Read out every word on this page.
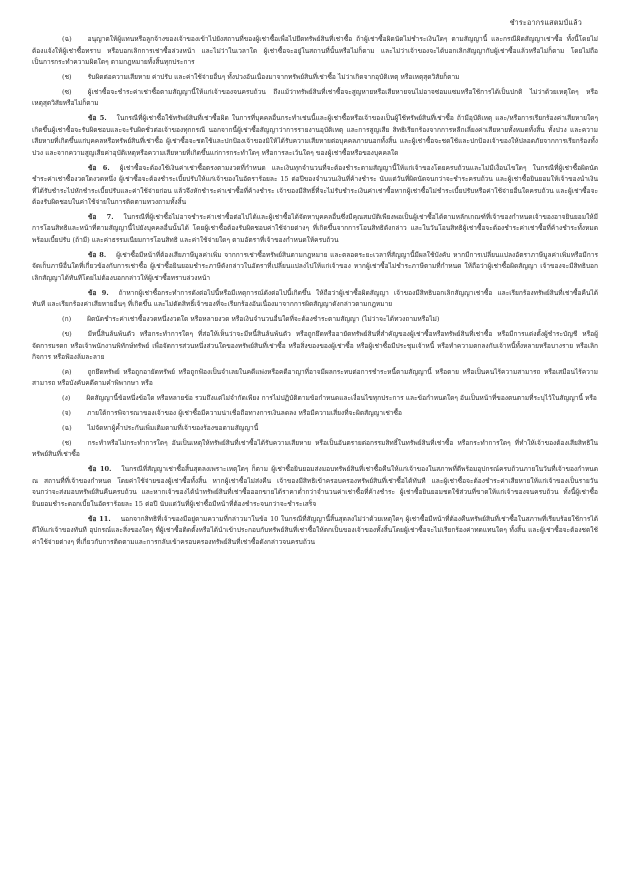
ชำระอากรแสตมป์แล้ว

(ฉ) อนุญาตให้ผู้แทนหรือลูกจ้างของเจ้าของเข้าไปยังสถานที่ของผู้เช่าซื้อเพื่อไปยึดทรัพย์สินที่เช่าซื้อ ถ้าผู้เช่าซื้อผิดนัดไม่ชำระเงินใดๆ ตามสัญญานี้ และกรณีผิดสัญญาเช่าซื้อ ทั้งนี้โดยไม่ต้องแจ้งให้ผู้เช่าซื้อทราบ หรือบอกเลิกการเช่าซื้อล่วงหน้า และไม่ว่าในเวลาใด ผู้เช่าซื้อจะอยู่ในสถานที่นั้นหรือไม่ก็ตาม และไม่ว่าเจ้าของจะได้บอกเลิกสัญญากับผู้เช่าซื้อแล้วหรือไม่ก็ตาม โดยไม่ถือเป็นการกระทำความผิดใดๆ ตามกฎหมายทั้งสิ้นทุกประการ

(ช) รับผิดต่อความเสียหาย ค่าปรับ และค่าใช้จ่ายอื่นๆ ทั้งปวงอันเนื่องมาจากทรัพย์สินที่เช่าซื้อ ไม่ว่าเกิดจากอุบัติเหตุ หรือเหตุสุดวิสัยก็ตาม

(ซ) ผู้เช่าซื้อจะชำระค่าเช่าซื้อตามสัญญานี้ให้แก่เจ้าของจนครบถ้วน ถึงแม้ว่าทรัพย์สินที่เช่าซื้อจะสูญหายหรือเสียหายจนไม่อาจซ่อมแซมหรือใช้การได้เป็นปกติ ไม่ว่าด้วยเหตุใดๆ หรือเหตุสุดวิสัยหรือไม่ก็ตาม

ข้อ 5. ในกรณีที่ผู้เช่าซื้อใช้ทรัพย์สินที่เช่าซื้อผิด ในการที่บุคคลอื่นกระทำเช่นนี้และผู้เช่าซื้อหรือเจ้าของเป็นผู้ใช้ทรัพย์สินที่เช่าซื้อ ถ้ามีอุบัติเหตุ และ/หรือการเรียกร้องค่าเสียหายใดๆ เกิดขึ้นผู้เช่าซื้อจะรับผิดชอบและจะรับผิดชั่วต่อเจ้าของทุกกรณี นอกจากนี้ผู้เช่าซื้อสัญญาว่าการรายงานอุบัติเหตุ และการสูญเสีย สิทธิเรียกร้องจากการหลีกเลี่ยงค่าเสียหายทั้งหมดทั้งสิ้น ทั้งปวง และความเสียหายที่เกิดขึ้นแก่บุคคลหรือทรัพย์สินที่เช่าซื้อ ผู้เช่าซื้อจะชดใช้และปกป้องเจ้าของมิให้ได้รับความเสียหายต่อบุคคลภายนอกทั้งสิ้น และผู้เช่าซื้อจะชดใช้และปกป้องเจ้าของให้ปลอดภัยจากการเรียกร้องทั้งปวง และจากความสูญเสียค่าอุบัติเหตุหรือความเสียหายที่เกิดขึ้นแก่การกระทำใดๆ หรือการละเว้นใดๆ ของผู้เช่าซื้อหรือของบุคคลใด

ข้อ 6. ผู้เช่าซื้อจะต้องใช้เงินค่าเช่าซื้อตรงตามงวดที่กำหนด และเงินทุกจำนวนที่จะต้องชำระตามสัญญานี้ให้แก่เจ้าของโดยครบถ้วนและไม่มีเงื่อนไขใดๆ ในกรณีที่ผู้เช่าซื้อผิดนัดชำระค่าเช่าซื้องวดใดงวดหนึ่ง ผู้เช่าซื้อจะต้องชำระเบี้ยปรับให้แก่เจ้าของในอัตราร้อยละ 15 ต่อปีของจำนวนเงินที่ค้างชำระ นับแต่วันที่ผิดนัดจนกว่าจะชำระครบถ้วน และผู้เช่าซื้อยินยอมให้เจ้าของนำเงินที่ได้รับชำระไปหักชำระเบี้ยปรับและค่าใช้จ่ายก่อน แล้วจึงหักชำระค่าเช่าซื้อที่ค้างชำระ เจ้าของมีสิทธิ์ที่จะไม่รับชำระเงินค่าเช่าซื้อหากผู้เช่าซื้อไม่ชำระเบี้ยปรับหรือค่าใช้จ่ายอื่นใดครบถ้วน และผู้เช่าซื้อจะต้องรับผิดชอบในค่าใช้จ่ายในการติดตามทวงถามทั้งสิ้น

ข้อ 7. ในกรณีที่ผู้เช่าซื้อไม่อาจชำระค่าเช่าซื้อต่อไปได้และผู้เช่าซื้อได้จัดหาบุคคลอื่นซึ่งมีคุณสมบัติเพียงพอเป็นผู้เช่าซื้อได้ตามหลักเกณฑ์ที่เจ้าของกำหนดเจ้าของอาจยินยอมให้มีการโอนสิทธิและหน้าที่ตามสัญญานี้ไปยังบุคคลอื่นนั้นได้ โดยผู้เช่าซื้อต้องรับผิดชอบค่าใช้จ่ายต่างๆ ที่เกิดขึ้นจากการโอนสิทธิดังกล่าว และในวันโอนสิทธิผู้เช่าซื้อจะต้องชำระค่าเช่าซื้อที่ค้างชำระทั้งหมดพร้อมเบี้ยปรับ (ถ้ามี) และค่าธรรมเนียมการโอนสิทธิ และค่าใช้จ่ายใดๆ ตามอัตราที่เจ้าของกำหนดให้ครบถ้วน

ข้อ 8. ผู้เช่าซื้อมีหน้าที่ต้องเสียภาษีมูลค่าเพิ่ม จากการเช่าซื้อทรัพย์สินตามกฎหมาย และตลอดระยะเวลาที่สัญญานี้มีผลใช้บังคับ หากมีการเปลี่ยนแปลงอัตราภาษีมูลค่าเพิ่มหรือมีการจัดเก็บภาษีอื่นใดที่เกี่ยวข้องกับการเช่าซื้อ ผู้เช่าซื้อยินยอมชำระภาษีดังกล่าวในอัตราที่เปลี่ยนแปลงไปให้แก่เจ้าของ หากผู้เช่าซื้อไม่ชำระภาษีตามที่กำหนด ให้ถือว่าผู้เช่าซื้อผิดสัญญา เจ้าของจะมีสิทธิบอกเลิกสัญญาได้ทันทีโดยไม่ต้องบอกกล่าวให้ผู้เช่าซื้อทราบล่วงหน้า

ข้อ 9. ถ้าหากผู้เช่าซื้อกระทำการดังต่อไปนี้หรือมีเหตุการณ์ดังต่อไปนี้เกิดขึ้น ให้ถือว่าผู้เช่าซื้อผิดสัญญา เจ้าของมีสิทธิบอกเลิกสัญญาเช่าซื้อ และเรียกร้องทรัพย์สินที่เช่าซื้อคืนได้ทันที และเรียกร้องค่าเสียหายอื่นๆ ที่เกิดขึ้น และไม่ตัดสิทธิ์เจ้าของที่จะเรียกร้องอันเนื่องมาจากการผิดสัญญาดังกล่าวตามกฎหมาย

(ก) ผิดนัดชำระค่าเช่าซื้องวดหนึ่งงวดใด หรือหลายงวด หรือเงินจำนวนอื่นใดที่จะต้องชำระตามสัญญา (ไม่ว่าจะได้ทวงถามหรือไม่)

(ข) มีหนี้สินล้นพ้นตัว หรือกระทำการใดๆ ที่ส่อให้เห็นว่าจะมีหนี้สินล้นพ้นตัว หรือถูกยึดหรืออายัดทรัพย์สินที่สำคัญของผู้เช่าซื้อหรือทรัพย์สินที่เช่าซื้อ หรือมีการแต่งตั้งผู้ชำระบัญชี หรือผู้จัดการมรดก หรือเจ้าพนักงานพิทักษ์ทรัพย์ เพื่อจัดการส่วนหนึ่งส่วนใดของทรัพย์สินที่เช่าซื้อ หรือสิ่งของของผู้เช่าซื้อ หรือผู้เช่าซื้อมีประชุมเจ้าหนี้ หรือทำความตกลงกับเจ้าหนี้ทั้งหลายหรือบางราย หรือเลิกกิจการ หรือฟ้องล้มละลาย

(ค) ถูกยึดทรัพย์ หรือถูกอายัดทรัพย์ หรือถูกฟ้องเป็นจำเลยในคดีแพ่งหรือคดีอาญาที่อาจมีผลกระทบต่อการชำระหนี้ตามสัญญานี้ หรือตาย หรือเป็นคนไร้ความสามารถ หรือเสมือนไร้ความสามารถ หรือบังคับคดีตามคำพิพากษา หรือ

(ง) ผิดสัญญานี้ข้อหนึ่งข้อใด หรือหลายข้อ รวมถึงแต่ไม่จำกัดเพียง การไม่ปฏิบัติตามข้อกำหนดและเงื่อนไขทุกประการ และข้อกำหนดใดๆ อันเป็นหน้าที่ของตนตามที่ระบุไว้ในสัญญานี้ หรือ

(จ) ภายใต้การพิจารณาของเจ้าของ ผู้เช่าซื้อมีความน่าเชื่อถือทางการเงินลดลง หรือมีความเสี่ยงที่จะผิดสัญญาเช่าซื้อ

(ฉ) ไม่จัดหาผู้ค้ำประกันเพิ่มเติมตามที่เจ้าของร้องขอตามสัญญานี้

(ช) กระทำหรือไม่กระทำการใดๆ อันเป็นเหตุให้ทรัพย์สินที่เช่าซื้อได้รับความเสียหาย หรือเป็นอันตรายต่อกรรมสิทธิ์ในทรัพย์สินที่เช่าซื้อ หรือกระทำการใดๆ ที่ทำให้เจ้าของต้องเสียสิทธิในทรัพย์สินที่เช่าซื้อ

ข้อ 10. ในกรณีที่สัญญาเช่าซื้อสิ้นสุดลงเพราะเหตุใดๆ ก็ตาม ผู้เช่าซื้อยินยอมส่งมอบทรัพย์สินที่เช่าซื้อคืนให้แก่เจ้าของในสภาพที่ดีพร้อมอุปกรณ์ครบถ้วนภายในวันที่เจ้าของกำหนด ณ สถานที่ที่เจ้าของกำหนด โดยค่าใช้จ่ายของผู้เช่าซื้อทั้งสิ้น หากผู้เช่าซื้อไม่ส่งคืน เจ้าของมีสิทธิเข้าครอบครองทรัพย์สินที่เช่าซื้อได้ทันที และผู้เช่าซื้อจะต้องชำระค่าเสียหายให้แก่เจ้าของเป็นรายวันจนกว่าจะส่งมอบทรัพย์สินคืนครบถ้วน และหากเจ้าของได้นำทรัพย์สินที่เช่าซื้อออกขายได้ราคาต่ำกว่าจำนวนค่าเช่าซื้อที่ค้างชำระ ผู้เช่าซื้อยินยอมชดใช้ส่วนที่ขาดให้แก่เจ้าของจนครบถ้วน ทั้งนี้ผู้เช่าซื้อยินยอมชำระดอกเบี้ยในอัตราร้อยละ 15 ต่อปี นับแต่วันที่ผู้เช่าซื้อมีหน้าที่ต้องชำระจนกว่าจะชำระเสร็จ

ข้อ 11. นอกจากสิทธิที่เจ้าของมีอยู่ตามความที่กล่าวมาในข้อ 10 ในกรณีที่สัญญานี้สิ้นสุดลงไม่ว่าด้วยเหตุใดๆ ผู้เช่าซื้อมีหน้าที่ต้องคืนทรัพย์สินที่เช่าซื้อในสภาพที่เรียบร้อยใช้การได้ดีให้แก่เจ้าของทันที อุปกรณ์และสิ่งของใดๆ ที่ผู้เช่าซื้อติดตั้งหรือได้นำเข้าประกอบกับทรัพย์สินที่เช่าซื้อให้ตกเป็นของเจ้าของทั้งสิ้นโดยผู้เช่าซื้อจะไม่เรียกร้องค่าทดแทนใดๆ ทั้งสิ้น และผู้เช่าซื้อจะต้องชดใช้ค่าใช้จ่ายต่างๆ ที่เกี่ยวกับการติดตามและการกลับเข้าครอบครองทรัพย์สินที่เช่าซื้อดังกล่าวจนครบถ้วน
